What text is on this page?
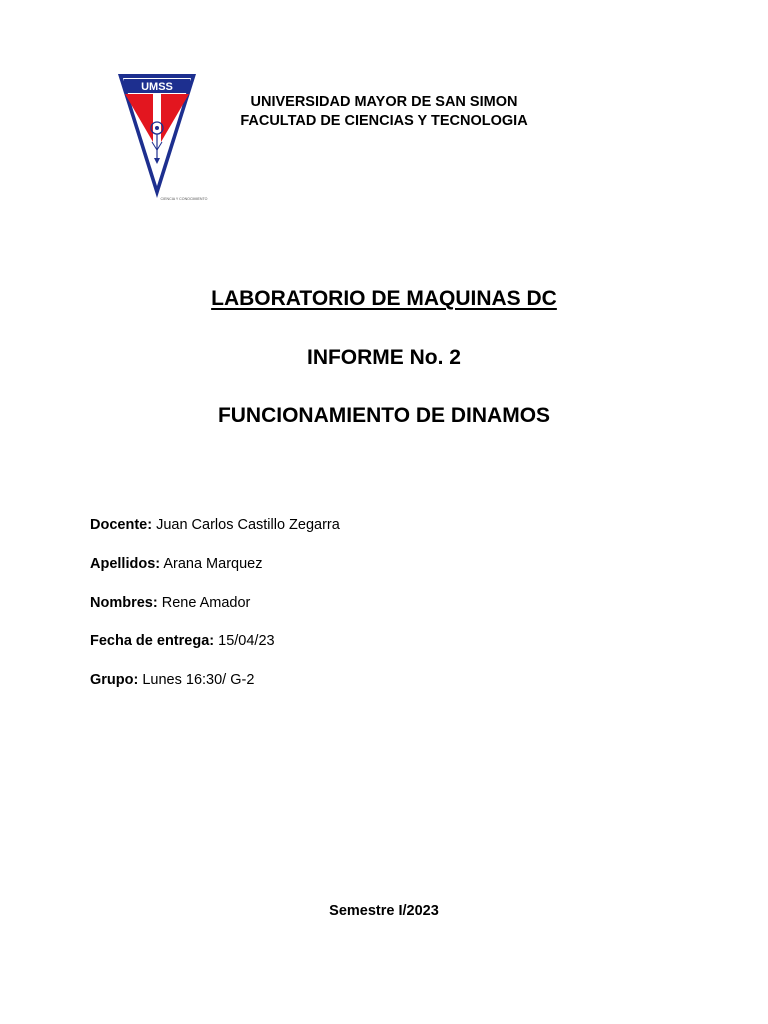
UMSS
CIENCIA Y CONOCIMIENTO
UNIVERSIDAD MAYOR DE SAN SIMON
FACULTAD DE CIENCIAS Y TECNOLOGIA
LABORATORIO DE MAQUINAS DC
INFORME No. 2
FUNCIONAMIENTO DE DINAMOS
Docente: Juan Carlos Castillo Zegarra
Apellidos: Arana Marquez
Nombres: Rene Amador
Fecha de entrega: 15/04/23
Grupo: Lunes 16:30/ G-2
Semestre I/2023
